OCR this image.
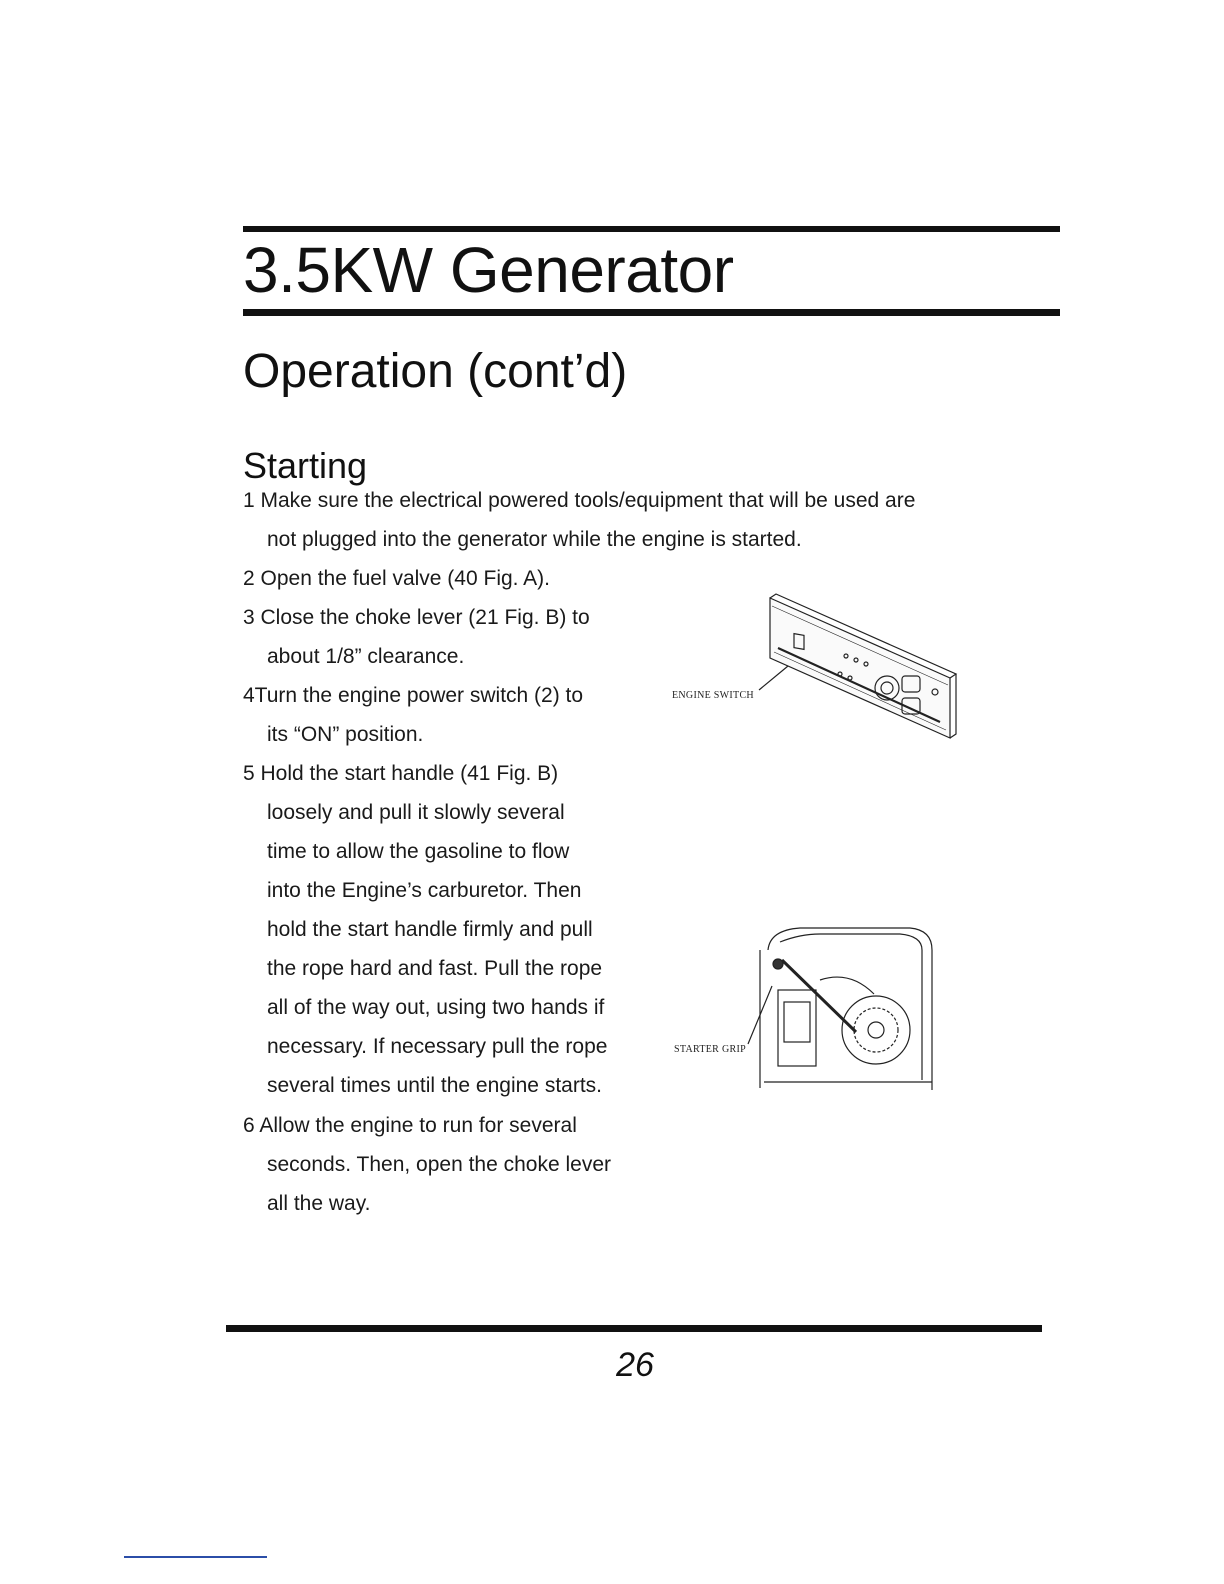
3.5KW Generator
Operation (cont’d)
Starting
1 Make sure the electrical powered tools/equipment that will be used are
not plugged into the generator while the engine is started.
2 Open the fuel valve (40 Fig. A).
3 Close the choke lever (21 Fig. B) to
about 1/8” clearance.
4Turn the engine power switch (2) to
its “ON” position.
5 Hold the start handle (41 Fig. B)
loosely and pull it slowly several
time to allow the gasoline to flow
into the Engine’s carburetor. Then
hold the start handle firmly and pull
the rope hard and fast. Pull the rope
all of the way out, using two hands if
necessary. If necessary pull the rope
several times until the engine starts.
6 Allow the engine to run for several
seconds. Then, open the choke lever
all the way.
ENGINE SWITCH
STARTER GRIP
26
